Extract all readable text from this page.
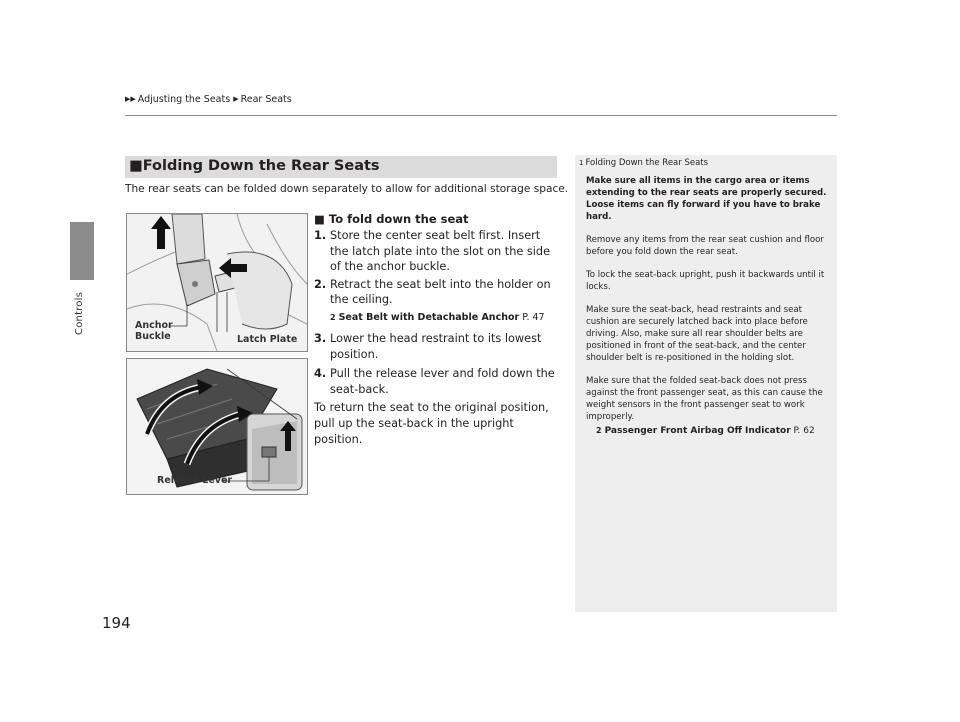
Controls
194
▶▶ Adjusting the Seats ▶ Rear Seats
■Folding Down the Rear Seats
The rear seats can be folded down separately to allow for additional storage space.
Anchor
Buckle	Latch Plate
Release Lever
■ To fold down the seat
1. Store the center seat belt first. Insert the latch plate into the slot on the side of the anchor buckle.
2. Retract the seat belt into the holder on the ceiling.
2 Seat Belt with Detachable Anchor P. 47
3. Lower the head restraint to its lowest position.
4. Pull the release lever and fold down the seat-back.
To return the seat to the original position, pull up the seat-back in the upright position.
1 Folding Down the Rear Seats

Make sure all items in the cargo area or items extending to the rear seats are properly secured. Loose items can fly forward if you have to brake hard.

Remove any items from the rear seat cushion and floor before you fold down the rear seat.

To lock the seat-back upright, push it backwards until it locks.

Make sure the seat-back, head restraints and seat cushion are securely latched back into place before driving. Also, make sure all rear shoulder belts are positioned in front of the seat-back, and the center shoulder belt is re-positioned in the holding slot.

Make sure that the folded seat-back does not press against the front passenger seat, as this can cause the weight sensors in the front passenger seat to work improperly.

2 Passenger Front Airbag Off Indicator P. 62
